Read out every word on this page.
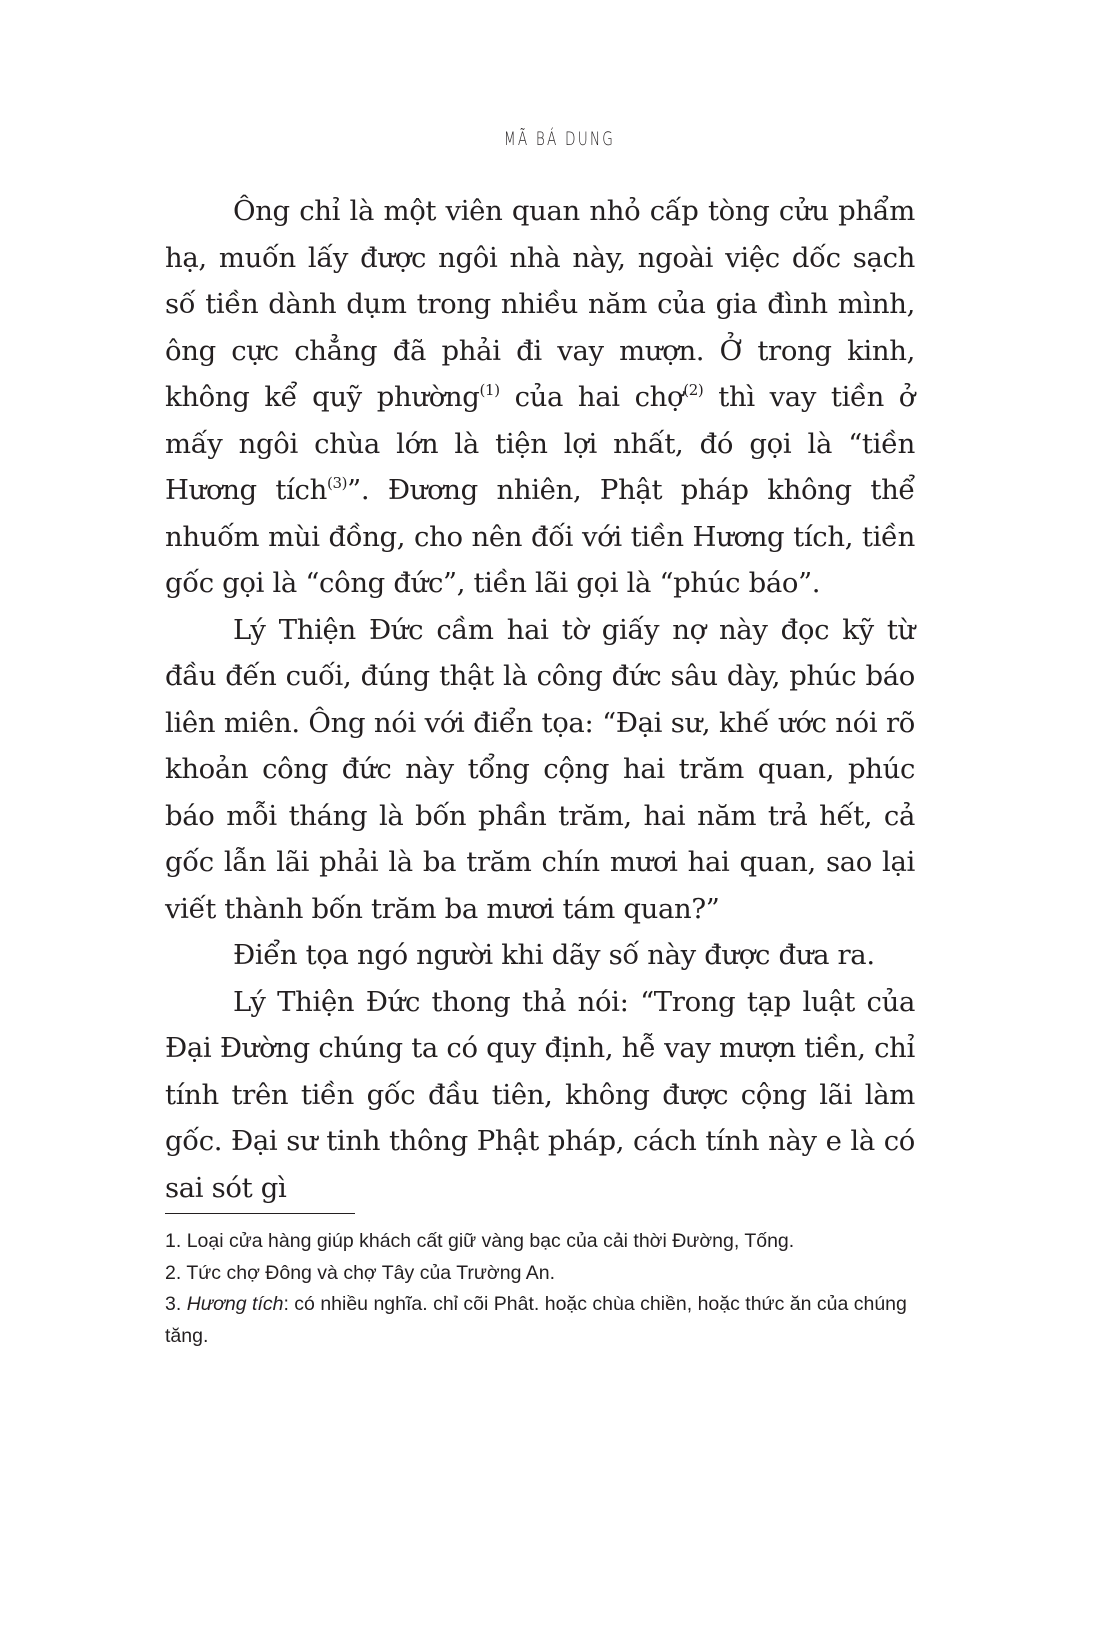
MÃ BÁ DUNG

Ông chỉ là một viên quan nhỏ cấp tòng cửu phẩm hạ, muốn lấy được ngôi nhà này, ngoài việc dốc sạch số tiền dành dụm trong nhiều năm của gia đình mình, ông cực chẳng đã phải đi vay mượn. Ở trong kinh, không kể quỹ phường$^{(1)}$ của hai chợ$^{(2)}$ thì vay tiền ở mấy ngôi chùa lớn là tiện lợi nhất, đó gọi là “tiền Hương tích$^{(3)}$”. Đương nhiên, Phật pháp không thể nhuốm mùi đồng, cho nên đối với tiền Hương tích, tiền gốc gọi là “công đức”, tiền lãi gọi là “phúc báo”.

Lý Thiện Đức cầm hai tờ giấy nợ này đọc kỹ từ đầu đến cuối, đúng thật là công đức sâu dày, phúc báo liên miên. Ông nói với điển tọa: “Đại sư, khế ước nói rõ khoản công đức này tổng cộng hai trăm quan, phúc báo mỗi tháng là bốn phần trăm, hai năm trả hết, cả gốc lẫn lãi phải là ba trăm chín mươi hai quan, sao lại viết thành bốn trăm ba mươi tám quan?”

Điển tọa ngó người khi dãy số này được đưa ra.

Lý Thiện Đức thong thả nói: “Trong tạp luật của Đại Đường chúng ta có quy định, hễ vay mượn tiền, chỉ tính trên tiền gốc đầu tiên, không được cộng lãi làm gốc. Đại sư tinh thông Phật pháp, cách tính này e là có sai sót gì

1. Loại cửa hàng giúp khách cất giữ vàng bạc của cải thời Đường, Tống.

2. Tức chợ Đông và chợ Tây của Trường An.

3. Hương tích: có nhiều nghĩa. chỉ cõi Phât. hoặc chùa chiền, hoặc thức ăn của chúng tăng.
